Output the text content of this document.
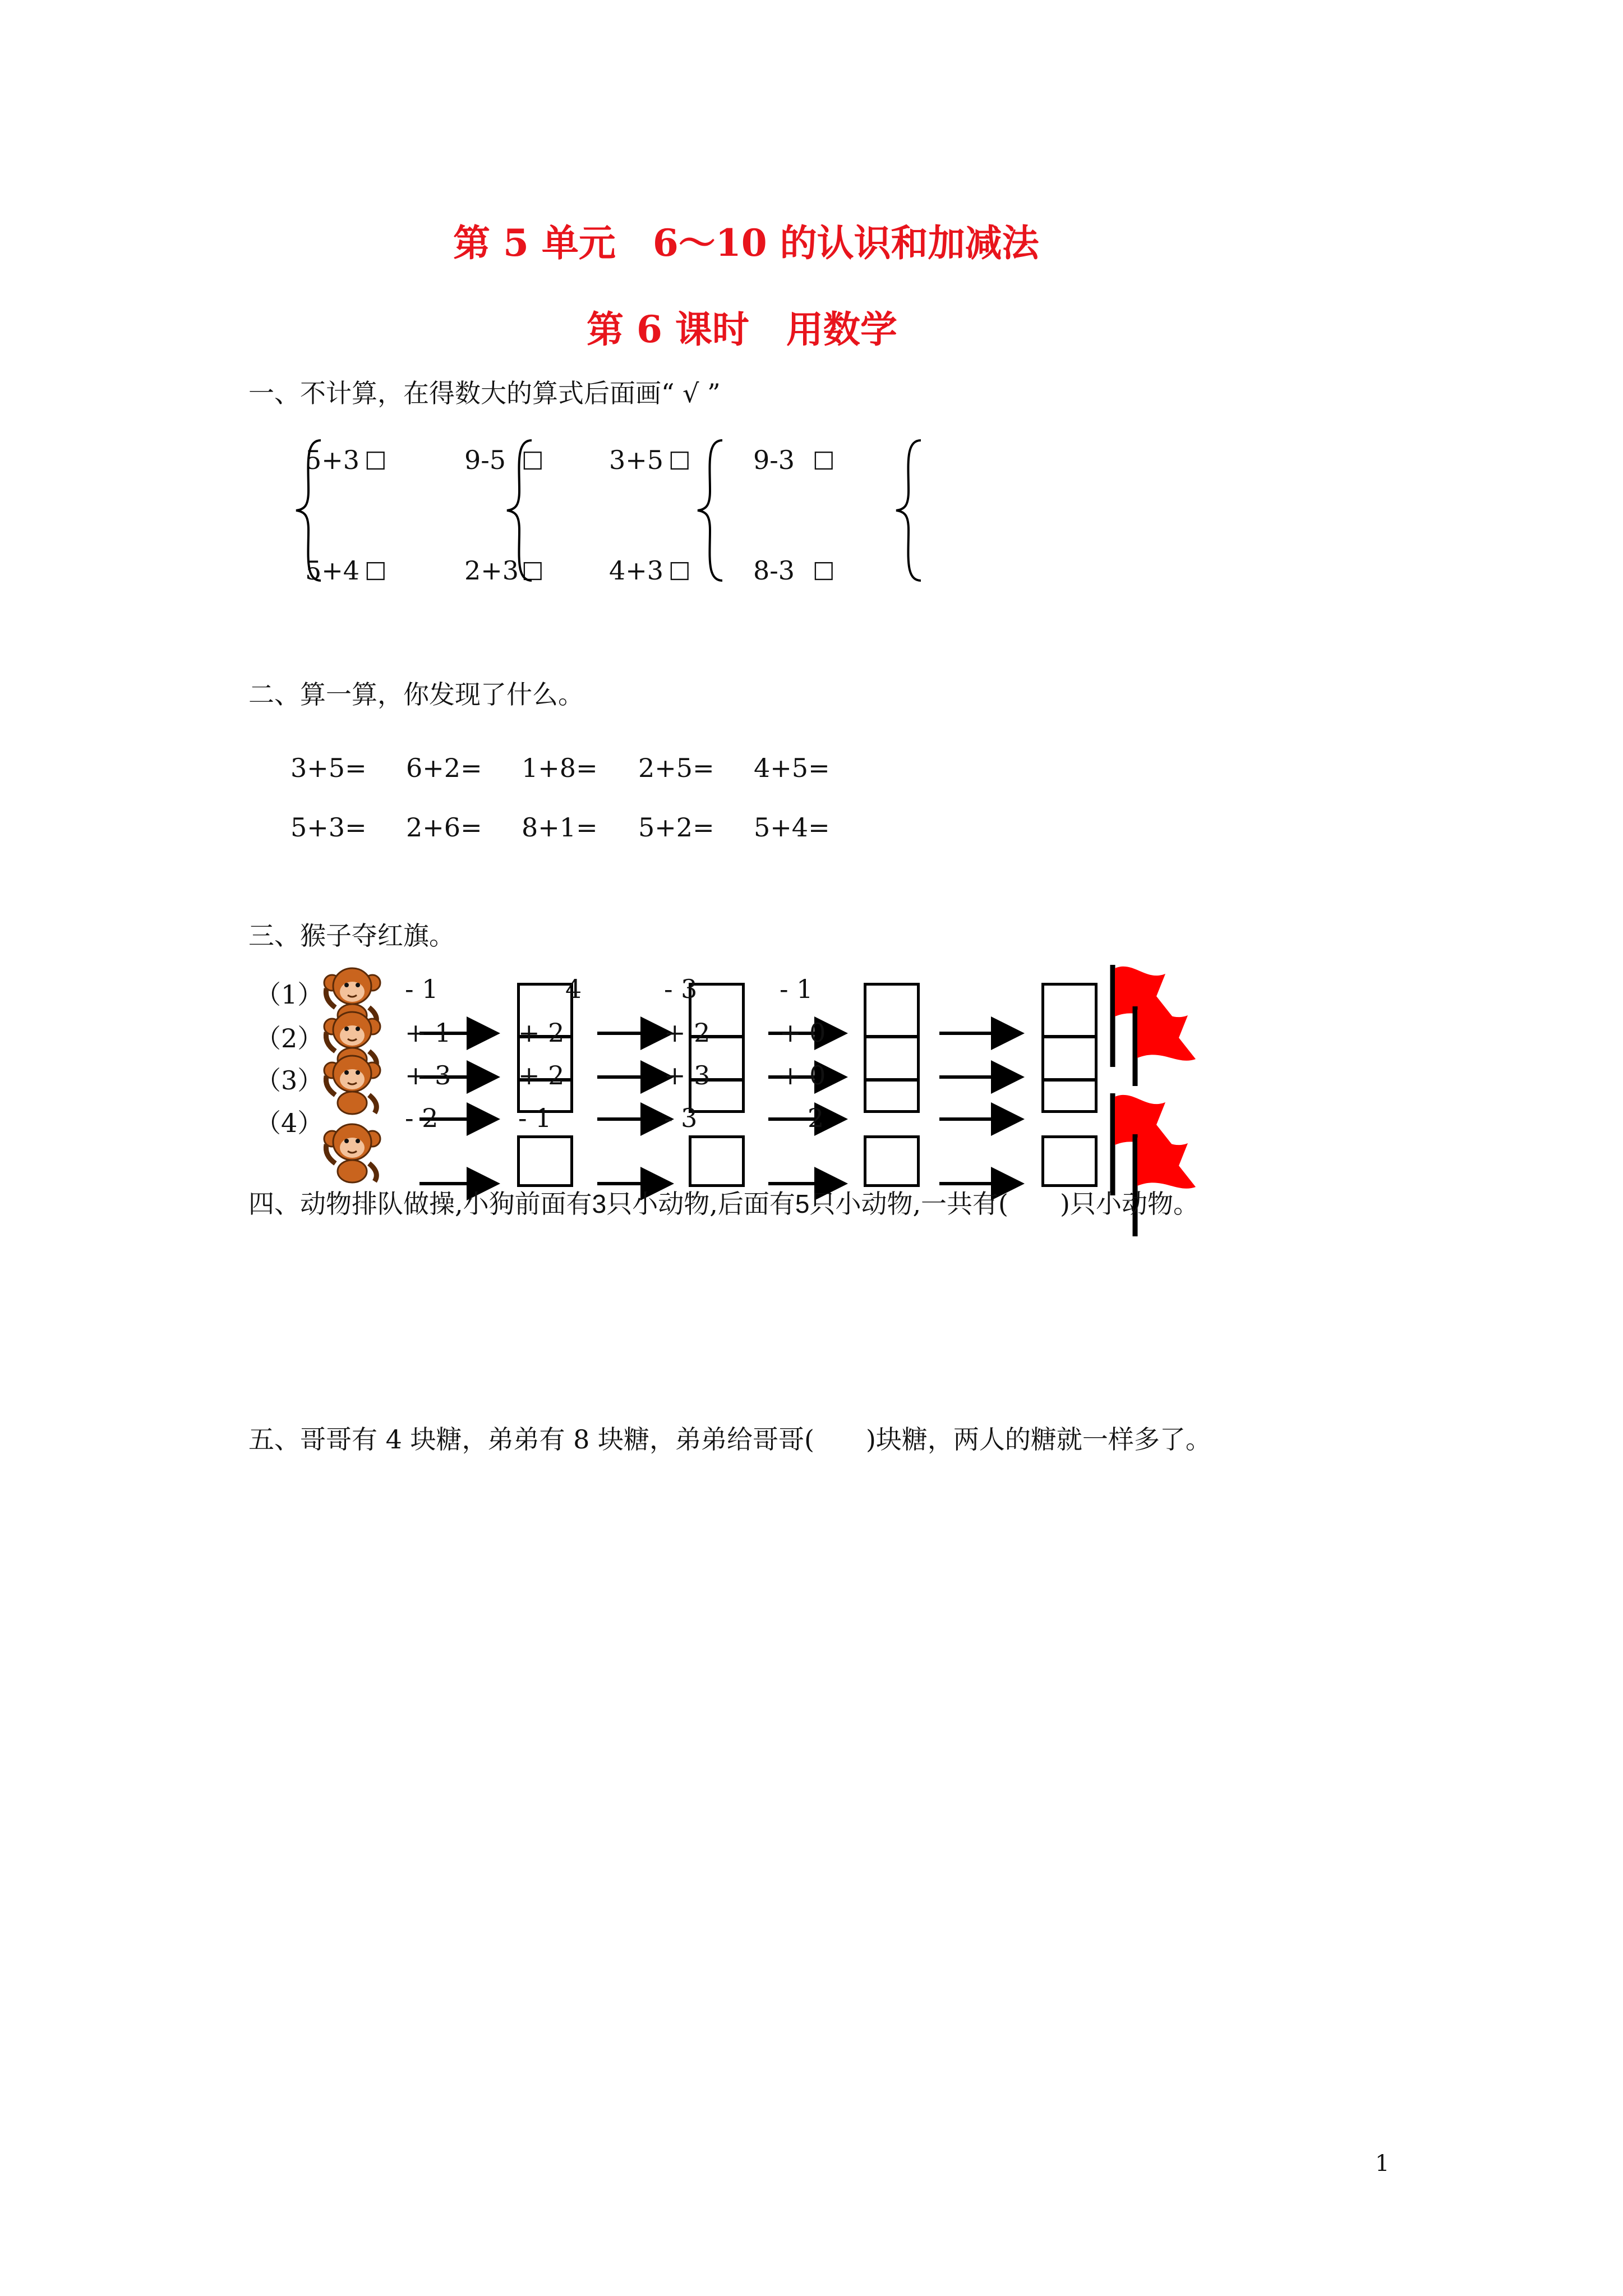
第 5 单元　6～10 的认识和加减法
第 6 课时　用数学
一、不计算，在得数大的算式后面画“ √ ”
5+3 □
5+4 □
9-5 □
2+3 □
3+5 □
4+3 □
9-3 □
8-3 □
二、算一算，你发现了什么。
3+5= 6+2= 1+8= 2+5= 4+5=
5+3= 2+6= 8+1= 5+2= 5+4=
三、猴子夺红旗。
（1）
（2）
（3）
（4）
- 1	4	- 3	- 1
+ 1	+ 2	+ 2	+ 0
+ 3	+ 2	+ 3	+ 0
- 2	- 1	- 3	2
四、动物排队做操,小狗前面有3只小动物,后面有5只小动物,一共有(　　)只小动物。
五、哥哥有 4 块糖，弟弟有 8 块糖，弟弟给哥哥(　　)块糖，两人的糖就一样多了。
1
